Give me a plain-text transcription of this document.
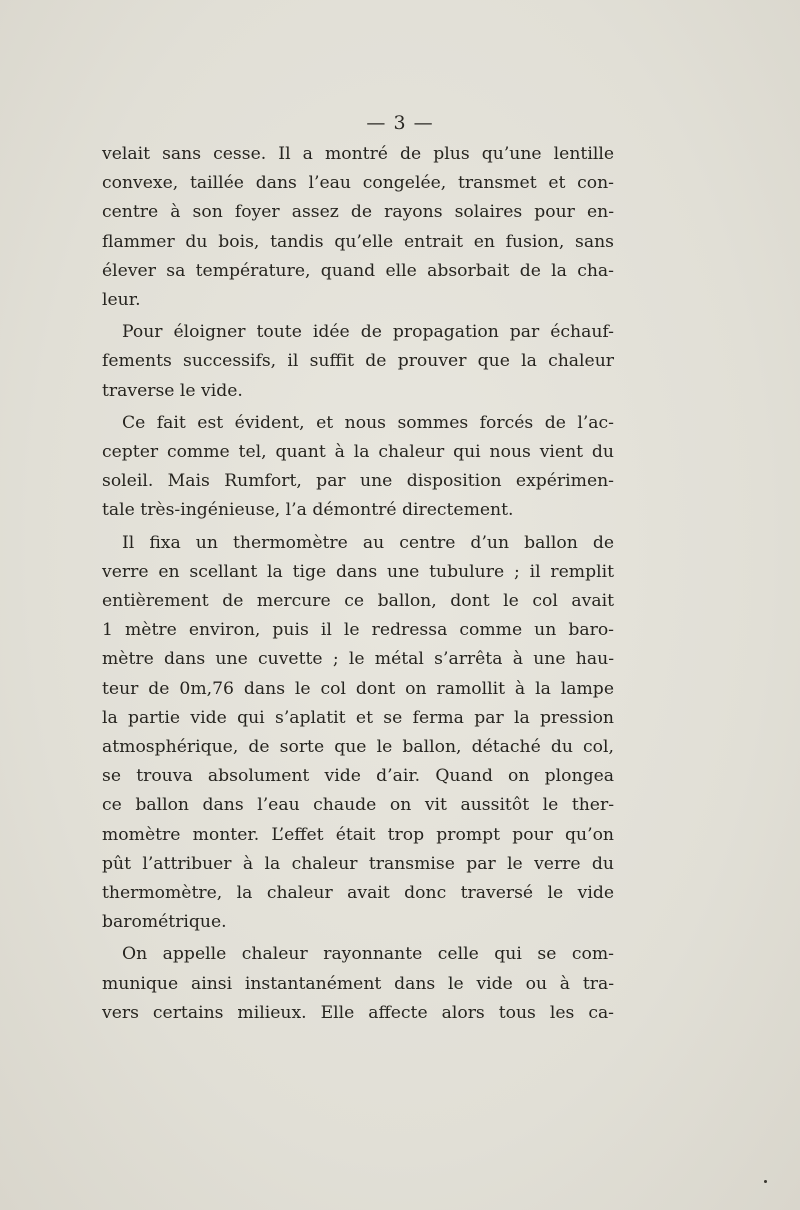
— 3 —

velait sans cesse. Il a montré de plus qu’une lentille
convexe, taillée dans l’eau congelée, transmet et con-
centre à son foyer assez de rayons solaires pour en-
flammer du bois, tandis qu’elle entrait en fusion, sans
élever sa température, quand elle absorbait de la cha-
leur.

Pour éloigner toute idée de propagation par échauf-
fements successifs, il suffit de prouver que la chaleur
traverse le vide.

Ce fait est évident, et nous sommes forcés de l’ac-
cepter comme tel, quant à la chaleur qui nous vient du
soleil. Mais Rumfort, par une disposition expérimen-
tale très-ingénieuse, l’a démontré directement.

Il fixa un thermomètre au centre d’un ballon de
verre en scellant la tige dans une tubulure ; il remplit
entièrement de mercure ce ballon, dont le col avait
1 mètre environ, puis il le redressa comme un baro-
mètre dans une cuvette ; le métal s’arrêta à une hau-
teur de 0m,76 dans le col dont on ramollit à la lampe
la partie vide qui s’aplatit et se ferma par la pression
atmosphérique, de sorte que le ballon, détaché du col,
se trouva absolument vide d’air. Quand on plongea
ce ballon dans l’eau chaude on vit aussitôt le ther-
momètre monter. L’effet était trop prompt pour qu’on
pût l’attribuer à la chaleur transmise par le verre du
thermomètre, la chaleur avait donc traversé le vide
barométrique.

On appelle chaleur rayonnante celle qui se com-
munique ainsi instantanément dans le vide ou à tra-
vers certains milieux. Elle affecte alors tous les ca-
